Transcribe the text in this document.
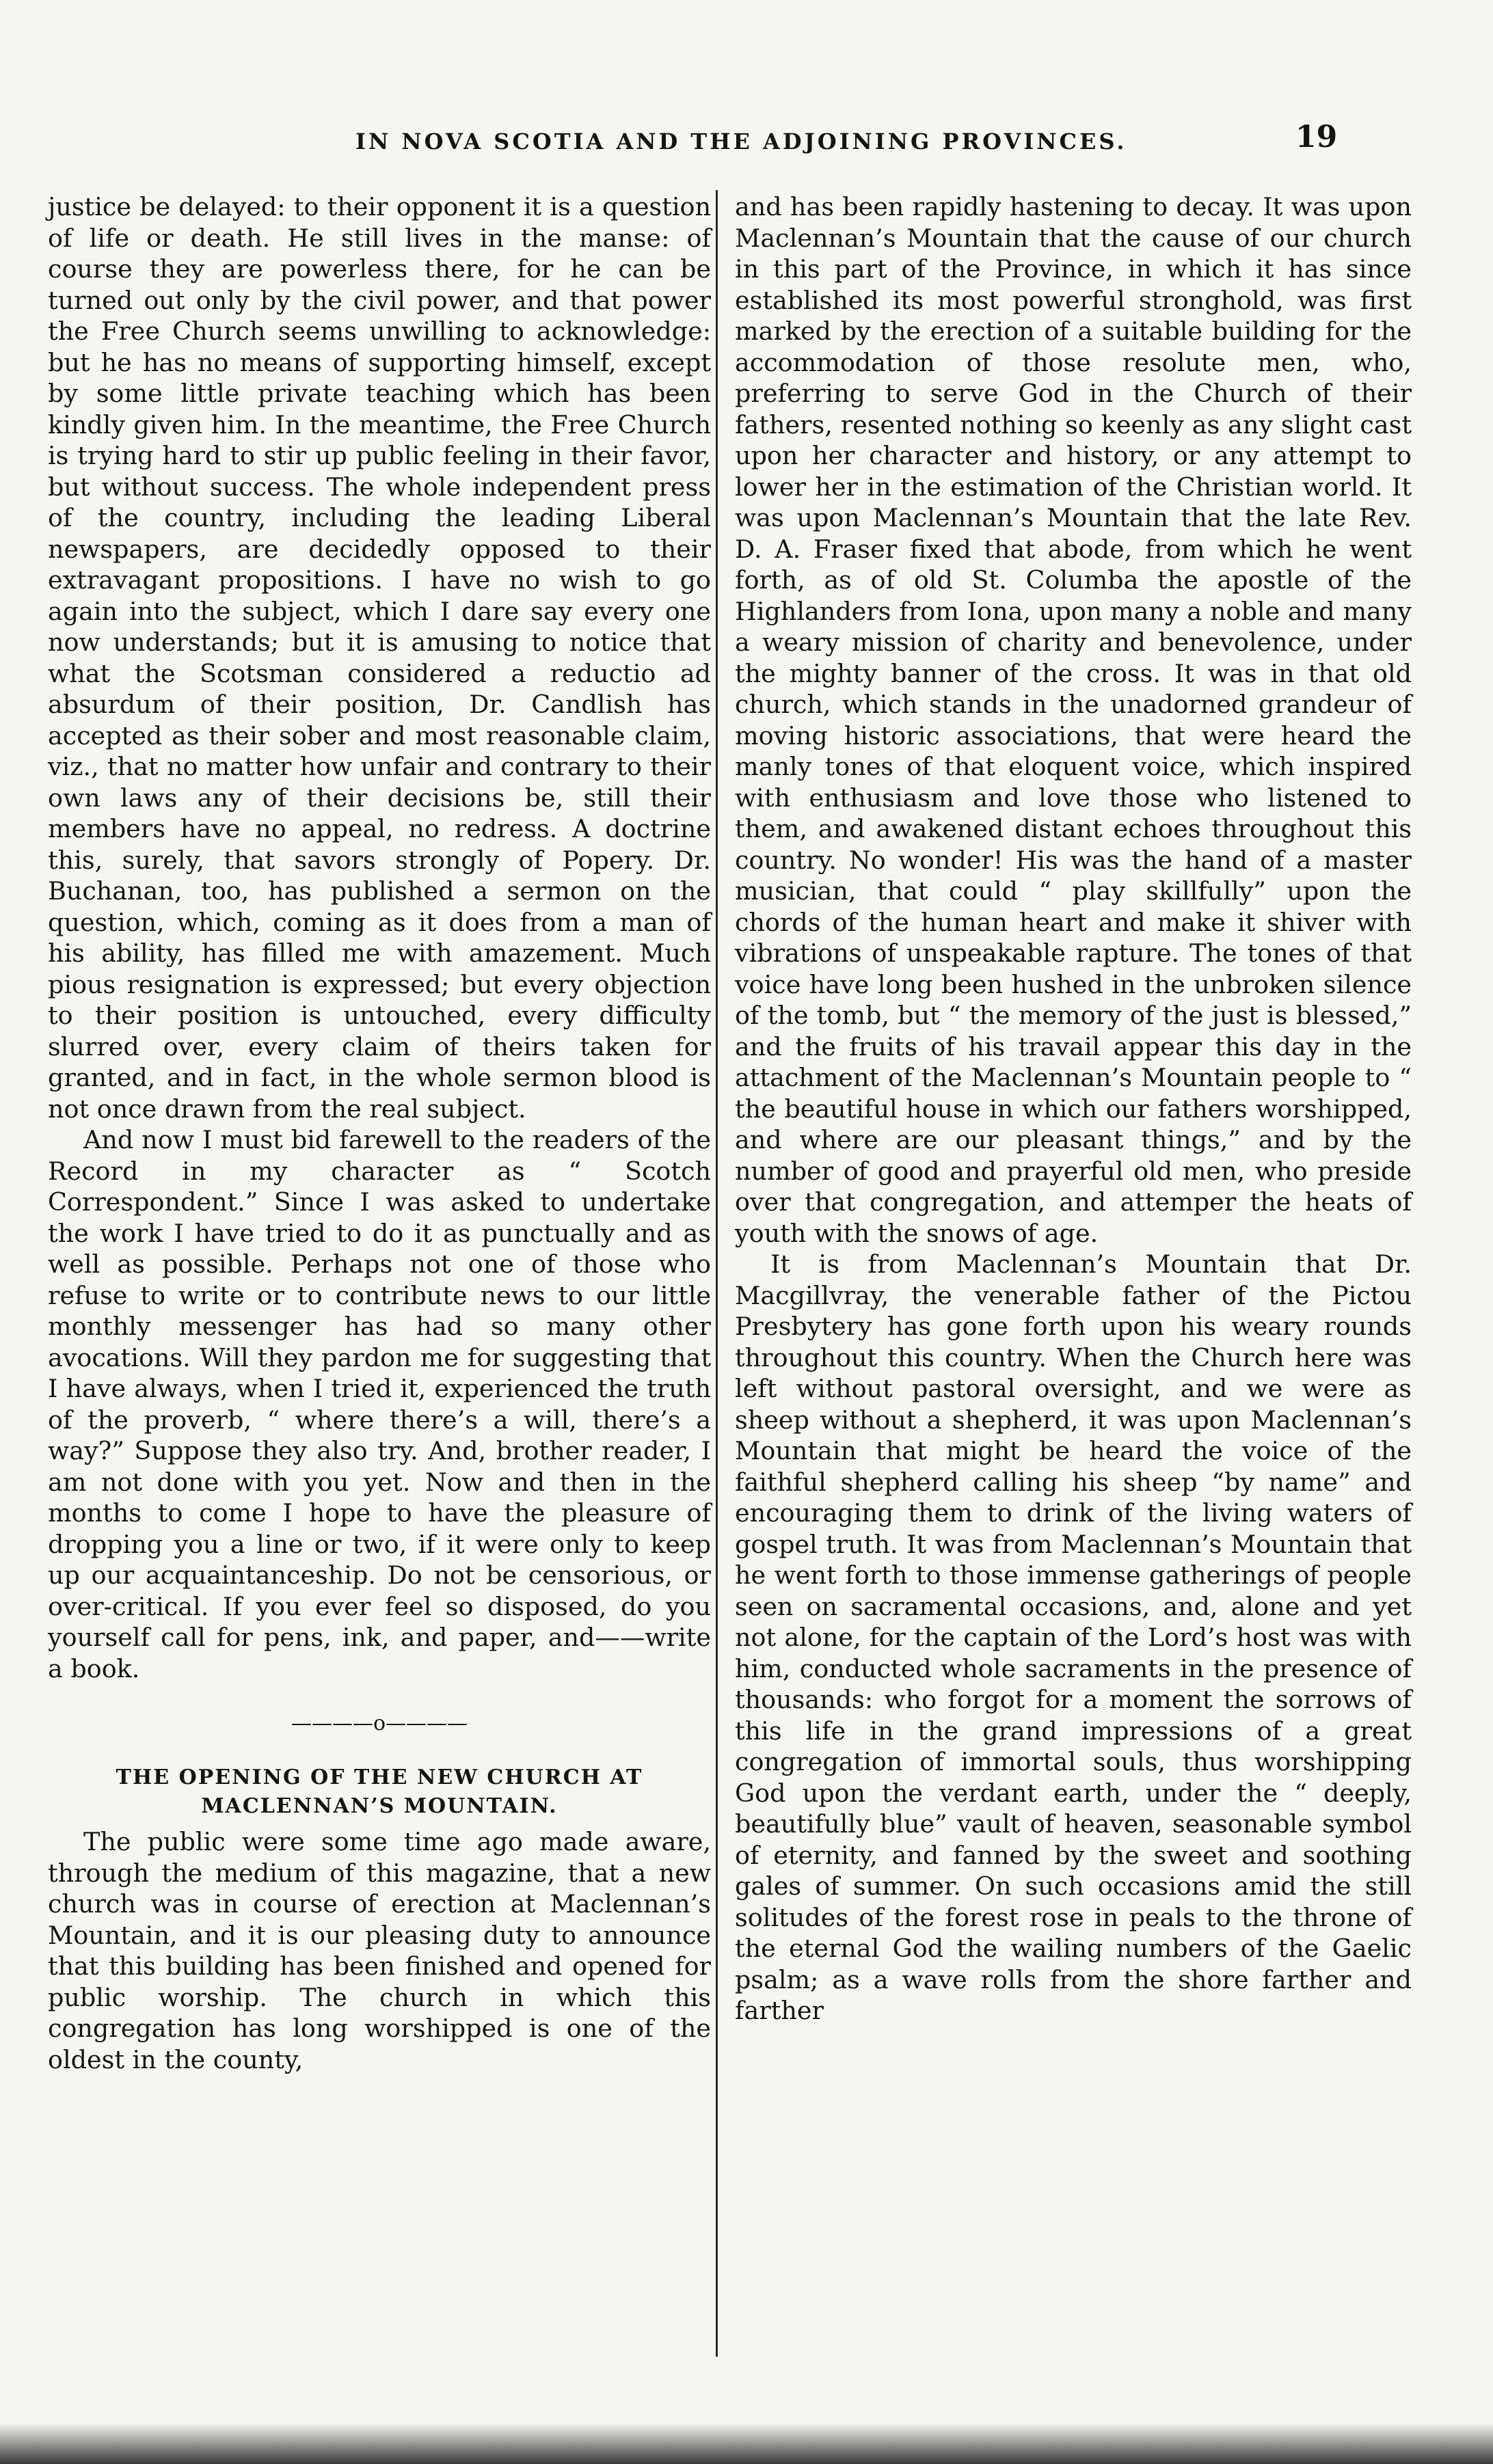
IN NOVA SCOTIA AND THE ADJOINING PROVINCES.	19

justice be delayed: to their opponent it is a question of life or death. He still lives in the manse: of course they are powerless there, for he can be turned out only by the civil power, and that power the Free Church seems unwilling to acknowledge: but he has no means of supporting himself, except by some little private teaching which has been kindly given him. In the meantime, the Free Church is trying hard to stir up public feeling in their favor, but without success. The whole independent press of the country, including the leading Liberal newspapers, are decidedly opposed to their extravagant propositions. I have no wish to go again into the subject, which I dare say every one now understands; but it is amusing to notice that what the Scotsman considered a reductio ad absurdum of their position, Dr. Candlish has accepted as their sober and most reasonable claim, viz., that no matter how unfair and contrary to their own laws any of their decisions be, still their members have no appeal, no redress. A doctrine this, surely, that savors strongly of Popery. Dr. Buchanan, too, has published a sermon on the question, which, coming as it does from a man of his ability, has filled me with amazement. Much pious resignation is expressed; but every objection to their position is untouched, every difficulty slurred over, every claim of theirs taken for granted, and in fact, in the whole sermon blood is not once drawn from the real subject.

And now I must bid farewell to the readers of the Record in my character as “ Scotch Correspondent.” Since I was asked to undertake the work I have tried to do it as punctually and as well as possible. Perhaps not one of those who refuse to write or to contribute news to our little monthly messenger has had so many other avocations. Will they pardon me for suggesting that I have always, when I tried it, experienced the truth of the proverb, “ where there’s a will, there’s a way?” Suppose they also try. And, brother reader, I am not done with you yet. Now and then in the months to come I hope to have the pleasure of dropping you a line or two, if it were only to keep up our acquaintanceship. Do not be censorious, or over-critical. If you ever feel so disposed, do you yourself call for pens, ink, and paper, and——write a book.

————o————
THE OPENING OF THE NEW CHURCH AT
MACLENNAN’S MOUNTAIN.

The public were some time ago made aware, through the medium of this magazine, that a new church was in course of erection at Maclennan’s Mountain, and it is our pleasing duty to announce that this building has been finished and opened for public worship. The church in which this congregation has long worshipped is one of the oldest in the county,

and has been rapidly hastening to decay. It was upon Maclennan’s Mountain that the cause of our church in this part of the Province, in which it has since established its most powerful stronghold, was first marked by the erection of a suitable building for the accommodation of those resolute men, who, preferring to serve God in the Church of their fathers, resented nothing so keenly as any slight cast upon her character and history, or any attempt to lower her in the estimation of the Christian world. It was upon Maclennan’s Mountain that the late Rev. D. A. Fraser fixed that abode, from which he went forth, as of old St. Columba the apostle of the Highlanders from Iona, upon many a noble and many a weary mission of charity and benevolence, under the mighty banner of the cross. It was in that old church, which stands in the unadorned grandeur of moving historic associations, that were heard the manly tones of that eloquent voice, which inspired with enthusiasm and love those who listened to them, and awakened distant echoes throughout this country. No wonder! His was the hand of a master musician, that could “ play skillfully” upon the chords of the human heart and make it shiver with vibrations of unspeakable rapture. The tones of that voice have long been hushed in the unbroken silence of the tomb, but “ the memory of the just is blessed,” and the fruits of his travail appear this day in the attachment of the Maclennan’s Mountain people to “ the beautiful house in which our fathers worshipped, and where are our pleasant things,” and by the number of good and prayerful old men, who preside over that congregation, and attemper the heats of youth with the snows of age.

It is from Maclennan’s Mountain that Dr. Macgillvray, the venerable father of the Pictou Presbytery has gone forth upon his weary rounds throughout this country. When the Church here was left without pastoral oversight, and we were as sheep without a shepherd, it was upon Maclennan’s Mountain that might be heard the voice of the faithful shepherd calling his sheep “by name” and encouraging them to drink of the living waters of gospel truth. It was from Maclennan’s Mountain that he went forth to those immense gatherings of people seen on sacramental occasions, and, alone and yet not alone, for the captain of the Lord’s host was with him, conducted whole sacraments in the presence of thousands: who forgot for a moment the sorrows of this life in the grand impressions of a great congregation of immortal souls, thus worshipping God upon the verdant earth, under the “ deeply, beautifully blue” vault of heaven, seasonable symbol of eternity, and fanned by the sweet and soothing gales of summer. On such occasions amid the still solitudes of the forest rose in peals to the throne of the eternal God the wailing numbers of the Gaelic psalm; as a wave rolls from the shore farther and farther
